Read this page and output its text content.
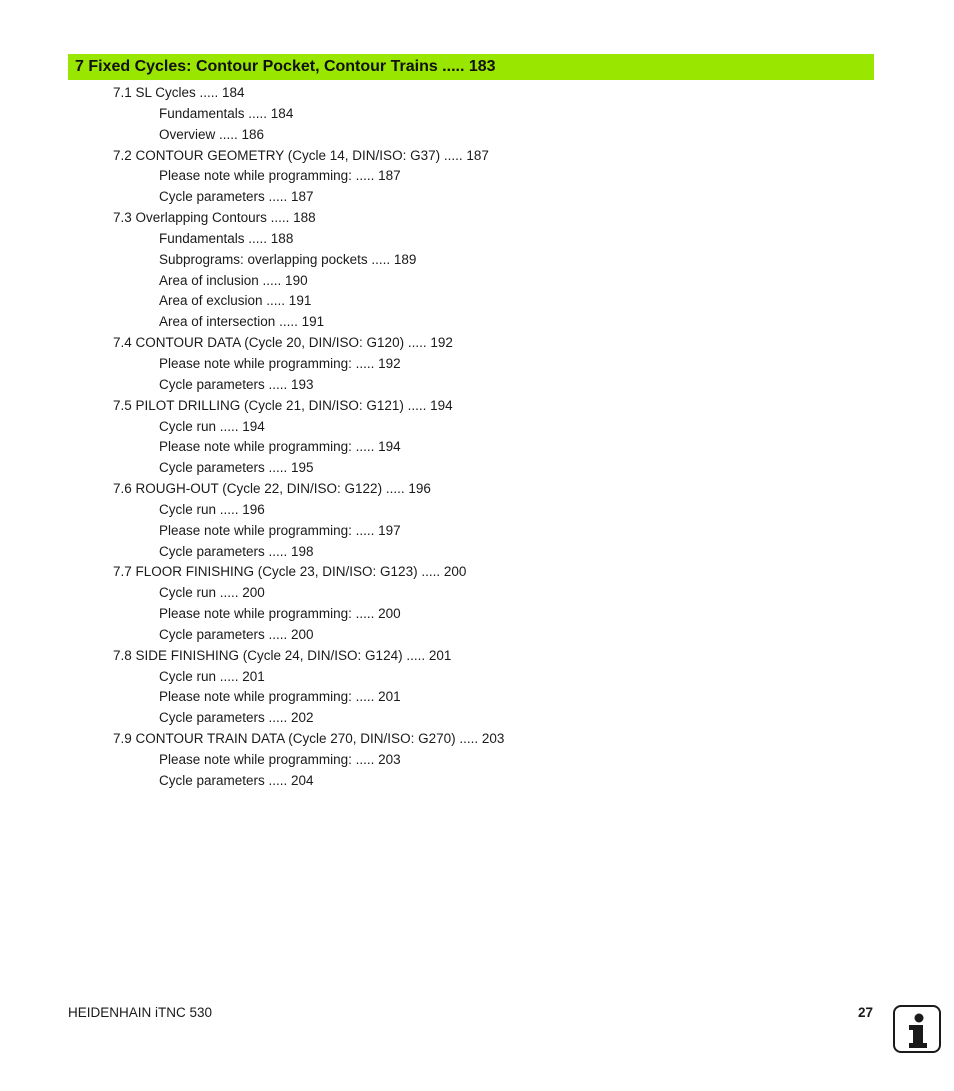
7 Fixed Cycles: Contour Pocket, Contour Trains ..... 183
7.1 SL Cycles ..... 184
Fundamentals ..... 184
Overview ..... 186
7.2 CONTOUR GEOMETRY (Cycle 14, DIN/ISO: G37) ..... 187
Please note while programming: ..... 187
Cycle parameters ..... 187
7.3 Overlapping Contours ..... 188
Fundamentals ..... 188
Subprograms: overlapping pockets ..... 189
Area of inclusion ..... 190
Area of exclusion ..... 191
Area of intersection ..... 191
7.4 CONTOUR DATA (Cycle 20, DIN/ISO: G120) ..... 192
Please note while programming: ..... 192
Cycle parameters ..... 193
7.5 PILOT DRILLING (Cycle 21, DIN/ISO: G121) ..... 194
Cycle run ..... 194
Please note while programming: ..... 194
Cycle parameters ..... 195
7.6 ROUGH-OUT (Cycle 22, DIN/ISO: G122) ..... 196
Cycle run ..... 196
Please note while programming: ..... 197
Cycle parameters ..... 198
7.7 FLOOR FINISHING (Cycle 23, DIN/ISO: G123) ..... 200
Cycle run ..... 200
Please note while programming: ..... 200
Cycle parameters ..... 200
7.8 SIDE FINISHING (Cycle 24, DIN/ISO: G124) ..... 201
Cycle run ..... 201
Please note while programming: ..... 201
Cycle parameters ..... 202
7.9 CONTOUR TRAIN DATA (Cycle 270, DIN/ISO: G270) ..... 203
Please note while programming: ..... 203
Cycle parameters ..... 204
HEIDENHAIN iTNC 530	27
